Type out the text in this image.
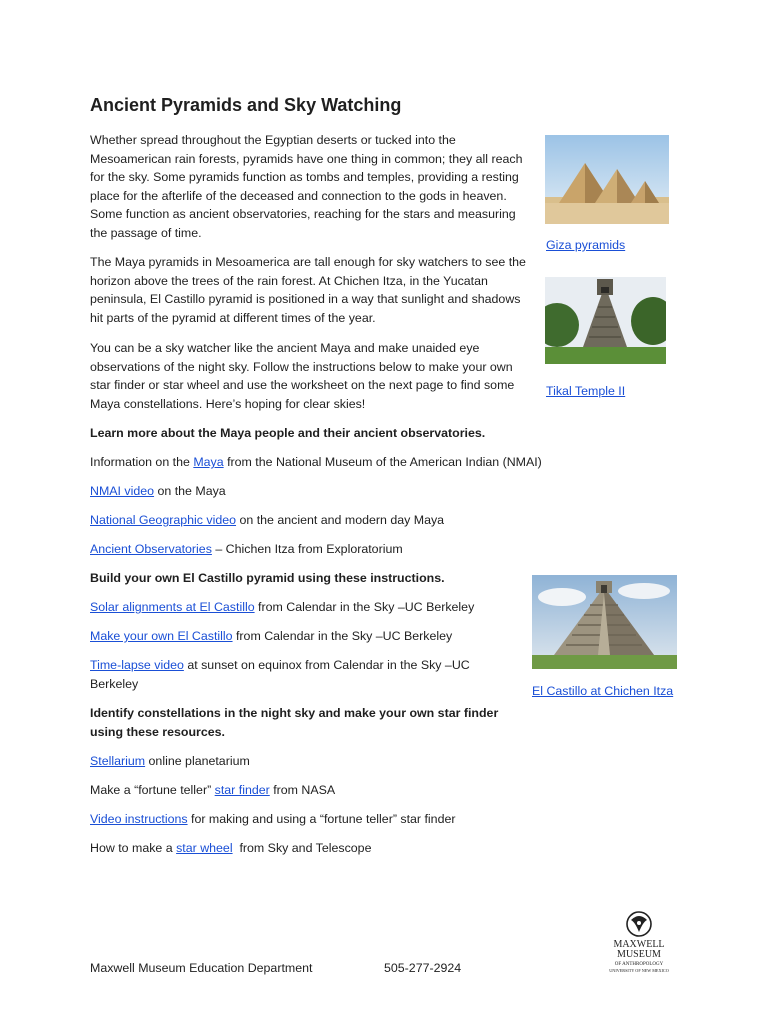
Ancient Pyramids and Sky Watching

Whether spread throughout the Egyptian deserts or tucked into the Mesoamerican rain forests, pyramids have one thing in common; they all reach for the sky. Some pyramids function as tombs and temples, providing a resting place for the afterlife of the deceased and connection to the gods in heaven. Some function as ancient observatories, reaching for the stars and measuring the passage of time.

The Maya pyramids in Mesoamerica are tall enough for sky watchers to see the horizon above the trees of the rain forest. At Chichen Itza, in the Yucatan peninsula, El Castillo pyramid is positioned in a way that sunlight and shadows hit parts of the pyramid at different times of the year.

You can be a sky watcher like the ancient Maya and make unaided eye observations of the night sky. Follow the instructions below to make your own star finder or star wheel and use the worksheet on the next page to find some Maya constellations. Here’s hoping for clear skies!

Giza pyramids
Tikal Temple II

Learn more about the Maya people and their ancient observatories.

Information on the Maya from the National Museum of the American Indian (NMAI)

NMAI video on the Maya

National Geographic video on the ancient and modern day Maya

Ancient Observatories – Chichen Itza from Exploratorium

Build your own El Castillo pyramid using these instructions.

Solar alignments at El Castillo from Calendar in the Sky –UC Berkeley

Make your own El Castillo from Calendar in the Sky –UC Berkeley

Time-lapse video at sunset on equinox from Calendar in the Sky –UC

Berkeley	El Castillo at Chichen Itza

Identify constellations in the night sky and make your own star finder

using these resources.

Stellarium online planetarium

Make a “fortune teller” star finder from NASA

Video instructions for making and using a “fortune teller” star finder

How to make a star wheel  from Sky and Telescope

Maxwell Museum Education Department	505-277-2924
MAXWELL
MUSEUM
OF ANTHROPOLOGY
UNIVERSITY OF NEW MEXICO
